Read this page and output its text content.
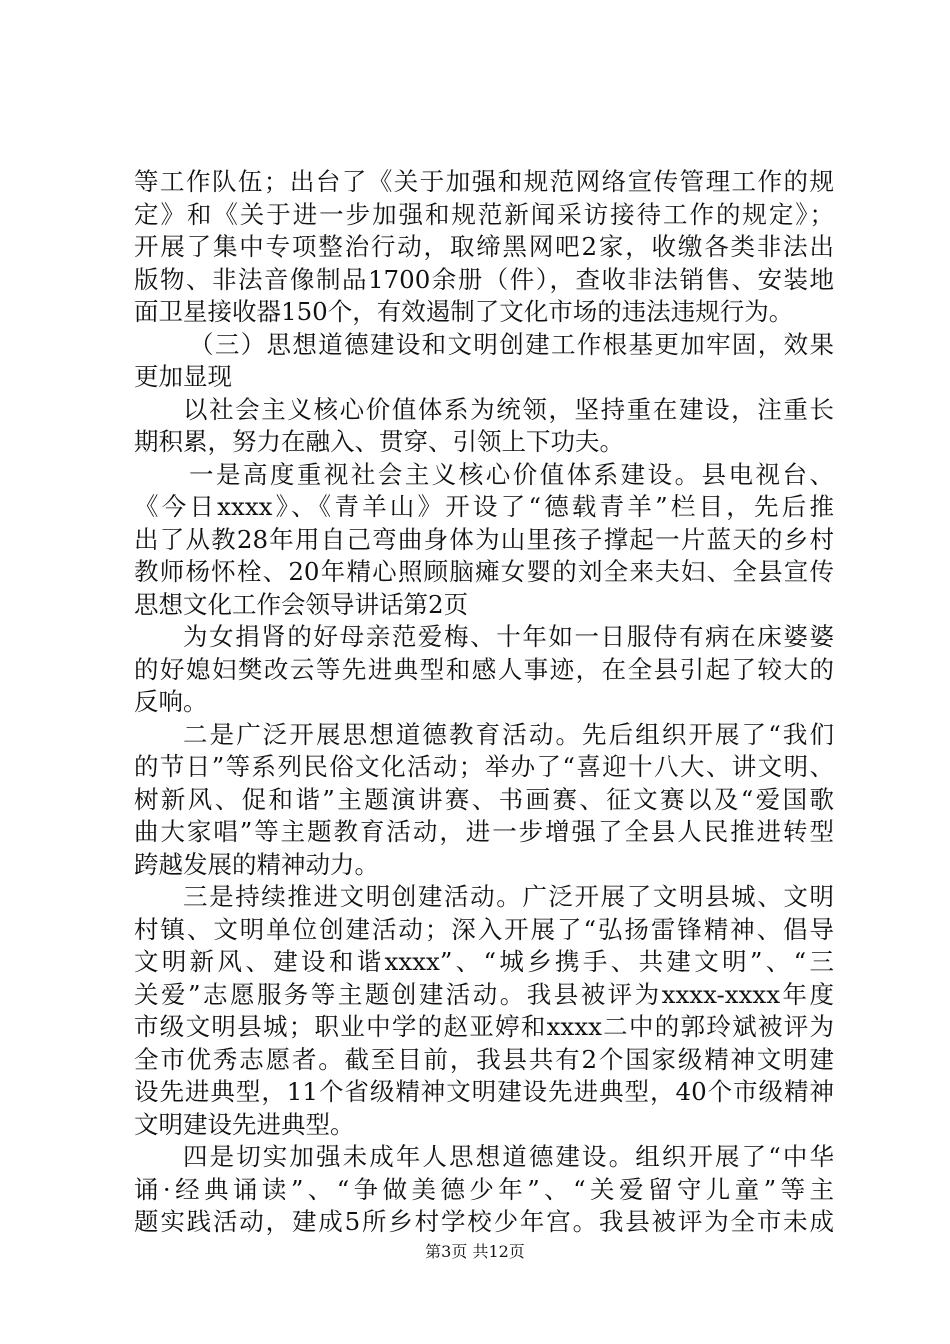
等工作队伍；出台了《关于加强和规范网络宣传管理工作的规
定》和《关于进一步加强和规范新闻采访接待工作的规定》；
开展了集中专项整治行动，取缔黑网吧2家，收缴各类非法出
版物、非法音像制品1700余册（件），查收非法销售、安装地
面卫星接收器150个，有效遏制了文化市场的违法违规行为。
（三）思想道德建设和文明创建工作根基更加牢固，效果
更加显现
以社会主义核心价值体系为统领，坚持重在建设，注重长
期积累，努力在融入、贯穿、引领上下功夫。
一是高度重视社会主义核心价值体系建设。县电视台、
《今日xxxx》、《青羊山》开设了“德载青羊”栏目，先后推
出了从教28年用自己弯曲身体为山里孩子撑起一片蓝天的乡村
教师杨怀栓、20年精心照顾脑瘫女婴的刘全来夫妇、全县宣传
思想文化工作会领导讲话第2页
为女捐肾的好母亲范爱梅、十年如一日服侍有病在床婆婆
的好媳妇樊改云等先进典型和感人事迹，在全县引起了较大的
反响。
二是广泛开展思想道德教育活动。先后组织开展了“我们
的节日”等系列民俗文化活动；举办了“喜迎十八大、讲文明、
树新风、促和谐”主题演讲赛、书画赛、征文赛以及“爱国歌
曲大家唱”等主题教育活动，进一步增强了全县人民推进转型
跨越发展的精神动力。
三是持续推进文明创建活动。广泛开展了文明县城、文明
村镇、文明单位创建活动；深入开展了“弘扬雷锋精神、倡导
文明新风、建设和谐xxxx”、“城乡携手、共建文明”、“三
关爱”志愿服务等主题创建活动。我县被评为xxxx-xxxx年度
市级文明县城；职业中学的赵亚婷和xxxx二中的郭玲斌被评为
全市优秀志愿者。截至目前，我县共有2个国家级精神文明建
设先进典型，11个省级精神文明建设先进典型，40个市级精神
文明建设先进典型。
四是切实加强未成年人思想道德建设。组织开展了“中华
诵·经典诵读”、“争做美德少年”、“关爱留守儿童”等主
题实践活动，建成5所乡村学校少年宫。我县被评为全市未成
第3页 共12页
